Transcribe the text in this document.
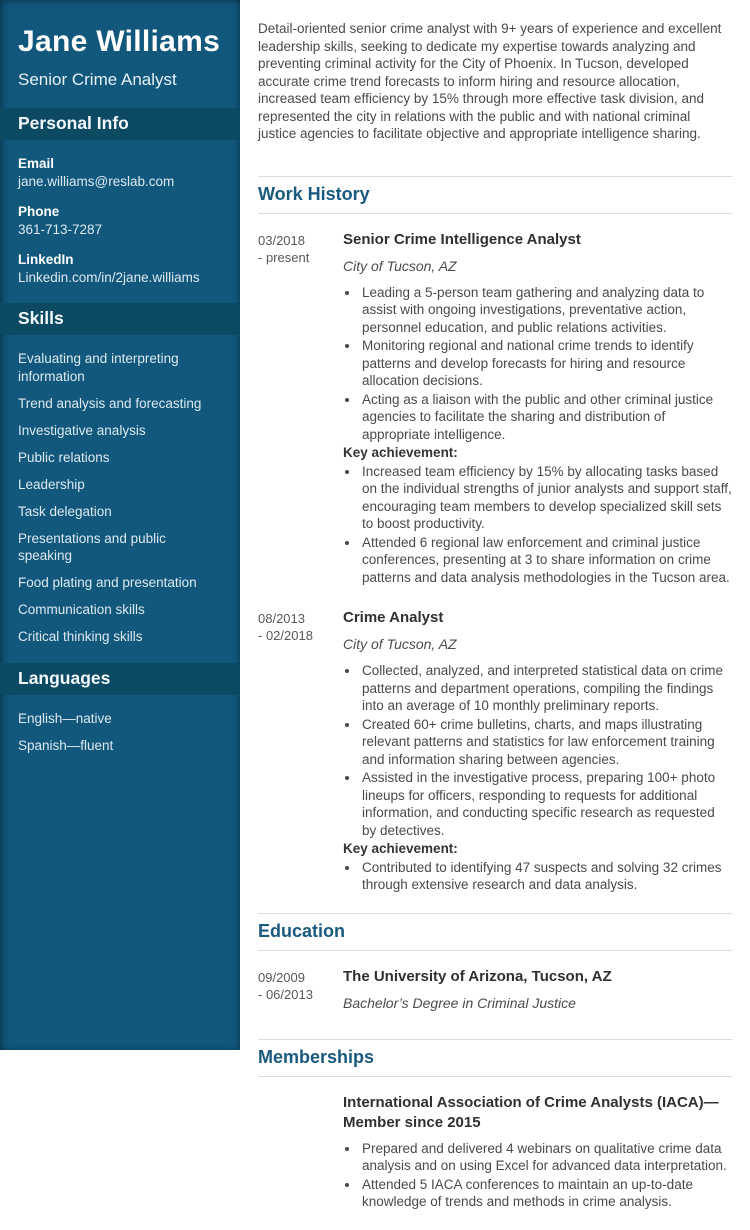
Jane Williams
Senior Crime Analyst
Personal Info
Email
jane.williams@reslab.com
Phone
361-713-7287
LinkedIn
Linkedin.com/in/2jane.williams
Skills
Evaluating and interpreting information
Trend analysis and forecasting
Investigative analysis
Public relations
Leadership
Task delegation
Presentations and public speaking
Food plating and presentation
Communication skills
Critical thinking skills
Languages
English—native
Spanish—fluent

Detail-oriented senior crime analyst with 9+ years of experience and excellent leadership skills, seeking to dedicate my expertise towards analyzing and preventing criminal activity for the City of Phoenix. In Tucson, developed accurate crime trend forecasts to inform hiring and resource allocation, increased team efficiency by 15% through more effective task division, and represented the city in relations with the public and with national criminal justice agencies to facilitate objective and appropriate intelligence sharing.

Work History
03/2018
- present
Senior Crime Intelligence Analyst
City of Tucson, AZ
• Leading a 5-person team gathering and analyzing data to assist with ongoing investigations, preventative action, personnel education, and public relations activities.
• Monitoring regional and national crime trends to identify patterns and develop forecasts for hiring and resource allocation decisions.
• Acting as a liaison with the public and other criminal justice agencies to facilitate the sharing and distribution of appropriate intelligence.
Key achievement:
• Increased team efficiency by 15% by allocating tasks based on the individual strengths of junior analysts and support staff, encouraging team members to develop specialized skill sets to boost productivity.
• Attended 6 regional law enforcement and criminal justice conferences, presenting at 3 to share information on crime patterns and data analysis methodologies in the Tucson area.
08/2013
- 02/2018
Crime Analyst
City of Tucson, AZ
• Collected, analyzed, and interpreted statistical data on crime patterns and department operations, compiling the findings into an average of 10 monthly preliminary reports.
• Created 60+ crime bulletins, charts, and maps illustrating relevant patterns and statistics for law enforcement training and information sharing between agencies.
• Assisted in the investigative process, preparing 100+ photo lineups for officers, responding to requests for additional information, and conducting specific research as requested by detectives.
Key achievement:
• Contributed to identifying 47 suspects and solving 32 crimes through extensive research and data analysis.
Education
09/2009
- 06/2013
The University of Arizona, Tucson, AZ
Bachelor’s Degree in Criminal Justice
Memberships
International Association of Crime Analysts (IACA)—Member since 2015
• Prepared and delivered 4 webinars on qualitative crime data analysis and on using Excel for advanced data interpretation.
• Attended 5 IACA conferences to maintain an up-to-date knowledge of trends and methods in crime analysis.
